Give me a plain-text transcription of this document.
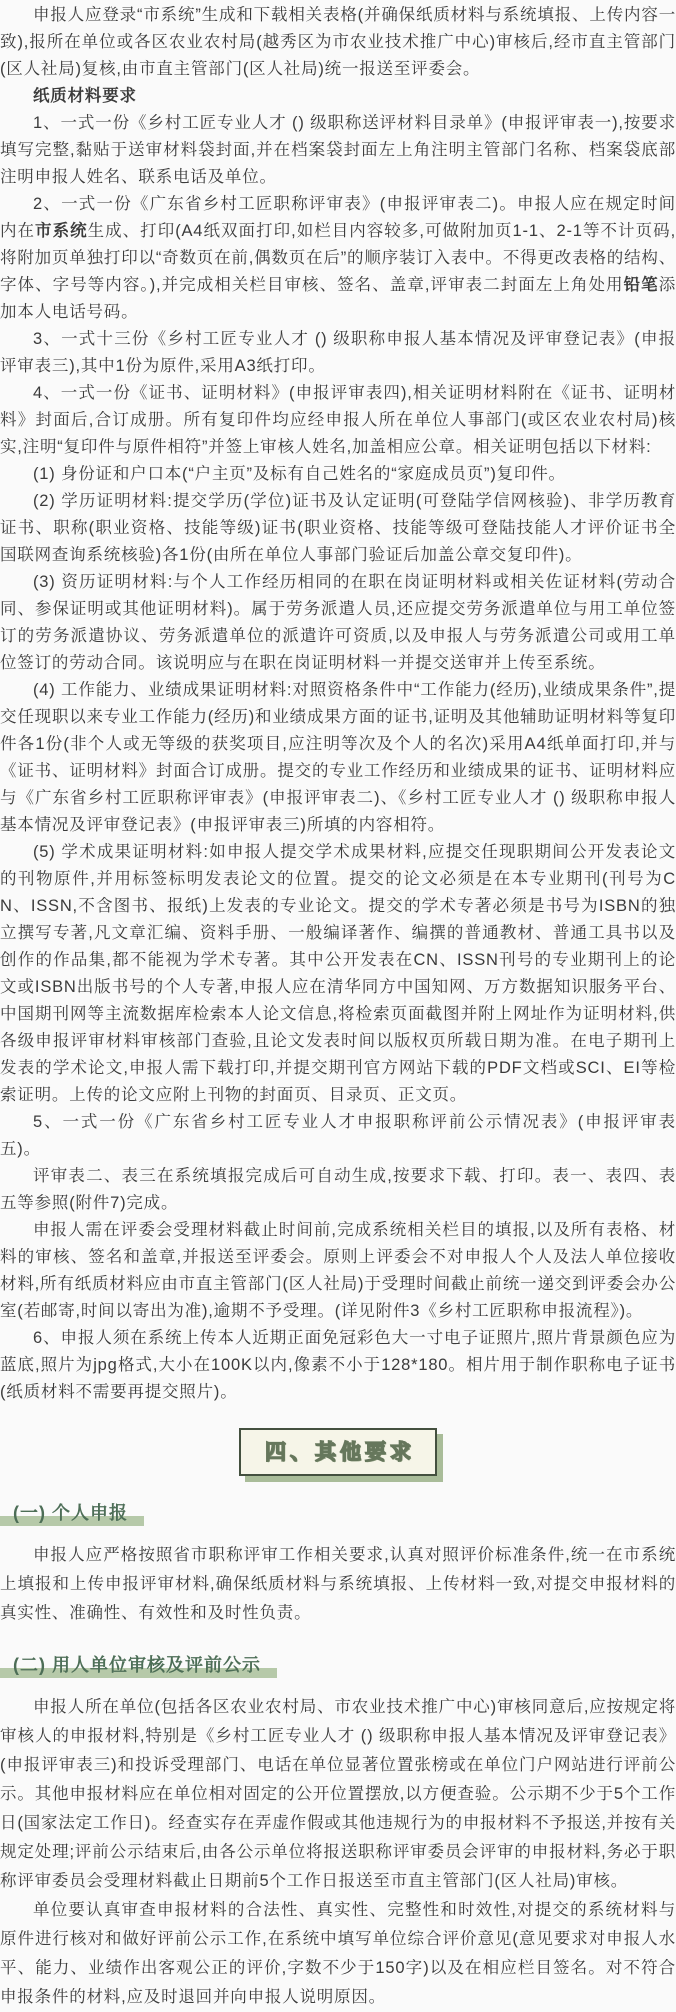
申报人应登录“市系统”生成和下载相关表格(并确保纸质材料与系统填报、上传内容一致),报所在单位或各区农业农村局(越秀区为市农业技术推广中心)审核后,经市直主管部门(区人社局)复核,由市直主管部门(区人社局)统一报送至评委会。

纸质材料要求

1、一式一份《乡村工匠专业人才 () 级职称送评材料目录单》(申报评审表一),按要求填写完整,黏贴于送审材料袋封面,并在档案袋封面左上角注明主管部门名称、档案袋底部注明申报人姓名、联系电话及单位。

2、一式一份《广东省乡村工匠职称评审表》(申报评审表二)。申报人应在规定时间内在市系统生成、打印(A4纸双面打印,如栏目内容较多,可做附加页1-1、2-1等不计页码,将附加页单独打印以“奇数页在前,偶数页在后”的顺序装订入表中。不得更改表格的结构、字体、字号等内容。),并完成相关栏目审核、签名、盖章,评审表二封面左上角处用铅笔添加本人电话号码。

3、一式十三份《乡村工匠专业人才 () 级职称申报人基本情况及评审登记表》(申报评审表三),其中1份为原件,采用A3纸打印。

4、一式一份《证书、证明材料》(申报评审表四),相关证明材料附在《证书、证明材料》封面后,合订成册。所有复印件均应经申报人所在单位人事部门(或区农业农村局)核实,注明“复印件与原件相符”并签上审核人姓名,加盖相应公章。相关证明包括以下材料:

(1) 身份证和户口本(“户主页”及标有自己姓名的“家庭成员页”)复印件。

(2) 学历证明材料:提交学历(学位)证书及认定证明(可登陆学信网核验)、非学历教育证书、职称(职业资格、技能等级)证书(职业资格、技能等级可登陆技能人才评价证书全国联网查询系统核验)各1份(由所在单位人事部门验证后加盖公章交复印件)。

(3) 资历证明材料:与个人工作经历相同的在职在岗证明材料或相关佐证材料(劳动合同、参保证明或其他证明材料)。属于劳务派遣人员,还应提交劳务派遣单位与用工单位签订的劳务派遣协议、劳务派遣单位的派遣许可资质,以及申报人与劳务派遣公司或用工单位签订的劳动合同。该说明应与在职在岗证明材料一并提交送审并上传至系统。

(4) 工作能力、业绩成果证明材料:对照资格条件中“工作能力(经历),业绩成果条件”,提交任现职以来专业工作能力(经历)和业绩成果方面的证书,证明及其他辅助证明材料等复印件各1份(非个人或无等级的获奖项目,应注明等次及个人的名次)采用A4纸单面打印,并与《证书、证明材料》封面合订成册。提交的专业工作经历和业绩成果的证书、证明材料应与《广东省乡村工匠职称评审表》(申报评审表二)、《乡村工匠专业人才 () 级职称申报人基本情况及评审登记表》(申报评审表三)所填的内容相符。

(5) 学术成果证明材料:如申报人提交学术成果材料,应提交任现职期间公开发表论文的刊物原件,并用标签标明发表论文的位置。提交的论文必须是在本专业期刊(刊号为CN、ISSN,不含图书、报纸)上发表的专业论文。提交的学术专著必须是书号为ISBN的独立撰写专著,凡文章汇编、资料手册、一般编译著作、编撰的普通教材、普通工具书以及创作的作品集,都不能视为学术专著。其中公开发表在CN、ISSN刊号的专业期刊上的论文或ISBN出版书号的个人专著,申报人应在清华同方中国知网、万方数据知识服务平台、中国期刊网等主流数据库检索本人论文信息,将检索页面截图并附上网址作为证明材料,供各级申报评审材料审核部门查验,且论文发表时间以版权页所载日期为准。在电子期刊上发表的学术论文,申报人需下载打印,并提交期刊官方网站下载的PDF文档或SCI、EI等检索证明。上传的论文应附上刊物的封面页、目录页、正文页。

5、一式一份《广东省乡村工匠专业人才申报职称评前公示情况表》(申报评审表五)。

评审表二、表三在系统填报完成后可自动生成,按要求下载、打印。表一、表四、表五等参照(附件7)完成。

申报人需在评委会受理材料截止时间前,完成系统相关栏目的填报,以及所有表格、材料的审核、签名和盖章,并报送至评委会。原则上评委会不对申报人个人及法人单位接收材料,所有纸质材料应由市直主管部门(区人社局)于受理时间截止前统一递交到评委会办公室(若邮寄,时间以寄出为准),逾期不予受理。(详见附件3《乡村工匠职称申报流程》)。

6、申报人须在系统上传本人近期正面免冠彩色大一寸电子证照片,照片背景颜色应为蓝底,照片为jpg格式,大小在100K以内,像素不小于128*180。相片用于制作职称电子证书(纸质材料不需要再提交照片)。

四、其他要求
(一) 个人申报

申报人应严格按照省市职称评审工作相关要求,认真对照评价标准条件,统一在市系统上填报和上传申报评审材料,确保纸质材料与系统填报、上传材料一致,对提交申报材料的真实性、准确性、有效性和及时性负责。

(二) 用人单位审核及评前公示

申报人所在单位(包括各区农业农村局、市农业技术推广中心)审核同意后,应按规定将审核人的申报材料,特别是《乡村工匠专业人才 () 级职称申报人基本情况及评审登记表》(申报评审表三)和投诉受理部门、电话在单位显著位置张榜或在单位门户网站进行评前公示。其他申报材料应在单位相对固定的公开位置摆放,以方便查验。公示期不少于5个工作日(国家法定工作日)。经查实存在弄虚作假或其他违规行为的申报材料不予报送,并按有关规定处理;评前公示结束后,由各公示单位将报送职称评审委员会评审的申报材料,务必于职称评审委员会受理材料截止日期前5个工作日报送至市直主管部门(区人社局)审核。

单位要认真审查申报材料的合法性、真实性、完整性和时效性,对提交的系统材料与原件进行核对和做好评前公示工作,在系统中填写单位综合评价意见(意见要求对申报人水平、能力、业绩作出客观公正的评价,字数不少于150字)以及在相应栏目签名。对不符合申报条件的材料,应及时退回并向申报人说明原因。
